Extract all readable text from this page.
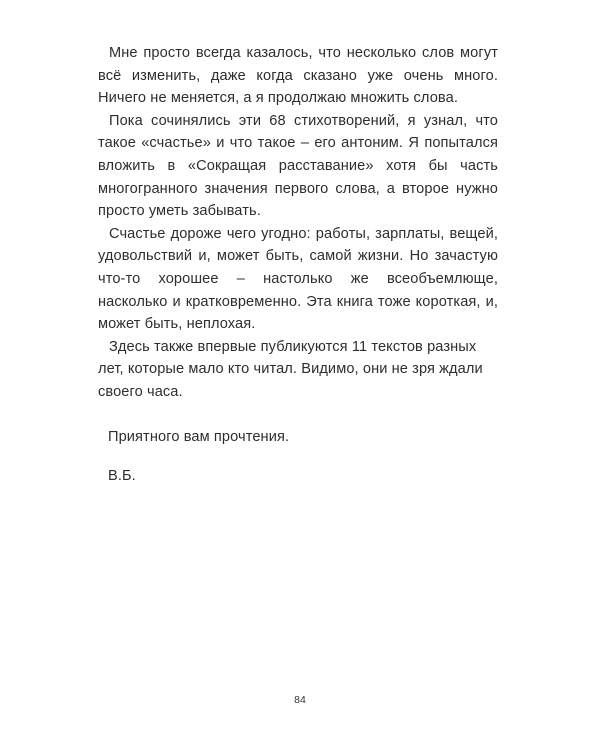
Мне просто всегда казалось, что несколько слов могут всё изменить, даже когда сказано уже очень много. Ничего не меняется, а я продолжаю множить слова.

Пока сочинялись эти 68 стихотворений, я узнал, что такое «счастье» и что такое – его антоним. Я попытался вложить в «Сокращая расставание» хотя бы часть многогранного значения первого слова, а второе нужно просто уметь забывать.

Счастье дороже чего угодно: работы, зарплаты, вещей, удовольствий и, может быть, самой жизни. Но зачастую что-то хорошее – настолько же всеобъемлюще, насколько и кратковременно. Эта книга тоже короткая, и, может быть, неплохая.

Здесь также впервые публикуются 11 текстов разных лет, которые мало кто читал. Видимо, они не зря ждали своего часа.

Приятного вам прочтения.

В.Б.

84
